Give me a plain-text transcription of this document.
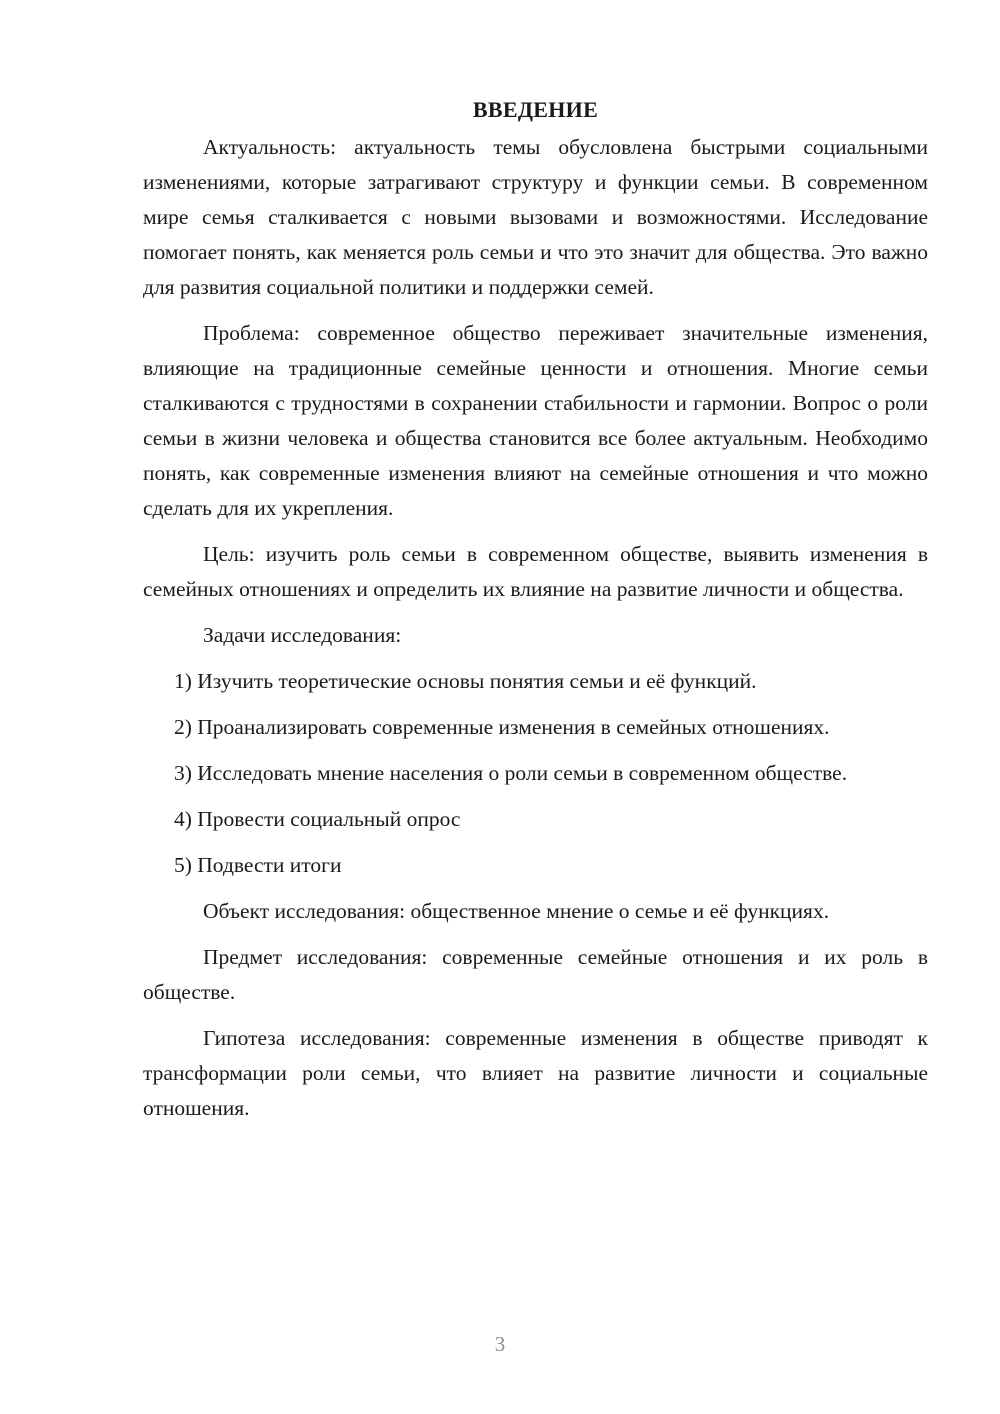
ВВЕДЕНИЕ

Актуальность: актуальность темы обусловлена быстрыми социальными изменениями, которые затрагивают структуру и функции семьи. В современном мире семья сталкивается с новыми вызовами и возможностями. Исследование помогает понять, как меняется роль семьи и что это значит для общества. Это важно для развития социальной политики и поддержки семей.

Проблема: современное общество переживает значительные изменения, влияющие на традиционные семейные ценности и отношения. Многие семьи сталкиваются с трудностями в сохранении стабильности и гармонии. Вопрос о роли семьи в жизни человека и общества становится все более актуальным. Необходимо понять, как современные изменения влияют на семейные отношения и что можно сделать для их укрепления.

Цель: изучить роль семьи в современном обществе, выявить изменения в семейных отношениях и определить их влияние на развитие личности и общества.

Задачи исследования:

1) Изучить теоретические основы понятия семьи и её функций.

2) Проанализировать современные изменения в семейных отношениях.

3) Исследовать мнение населения о роли семьи в современном обществе.

4) Провести социальный опрос

5) Подвести итоги

Объект исследования: общественное мнение о семье и её функциях.

Предмет исследования: современные семейные отношения и их роль в обществе.

Гипотеза исследования: современные изменения в обществе приводят к трансформации роли семьи, что влияет на развитие личности и социальные отношения.

3
